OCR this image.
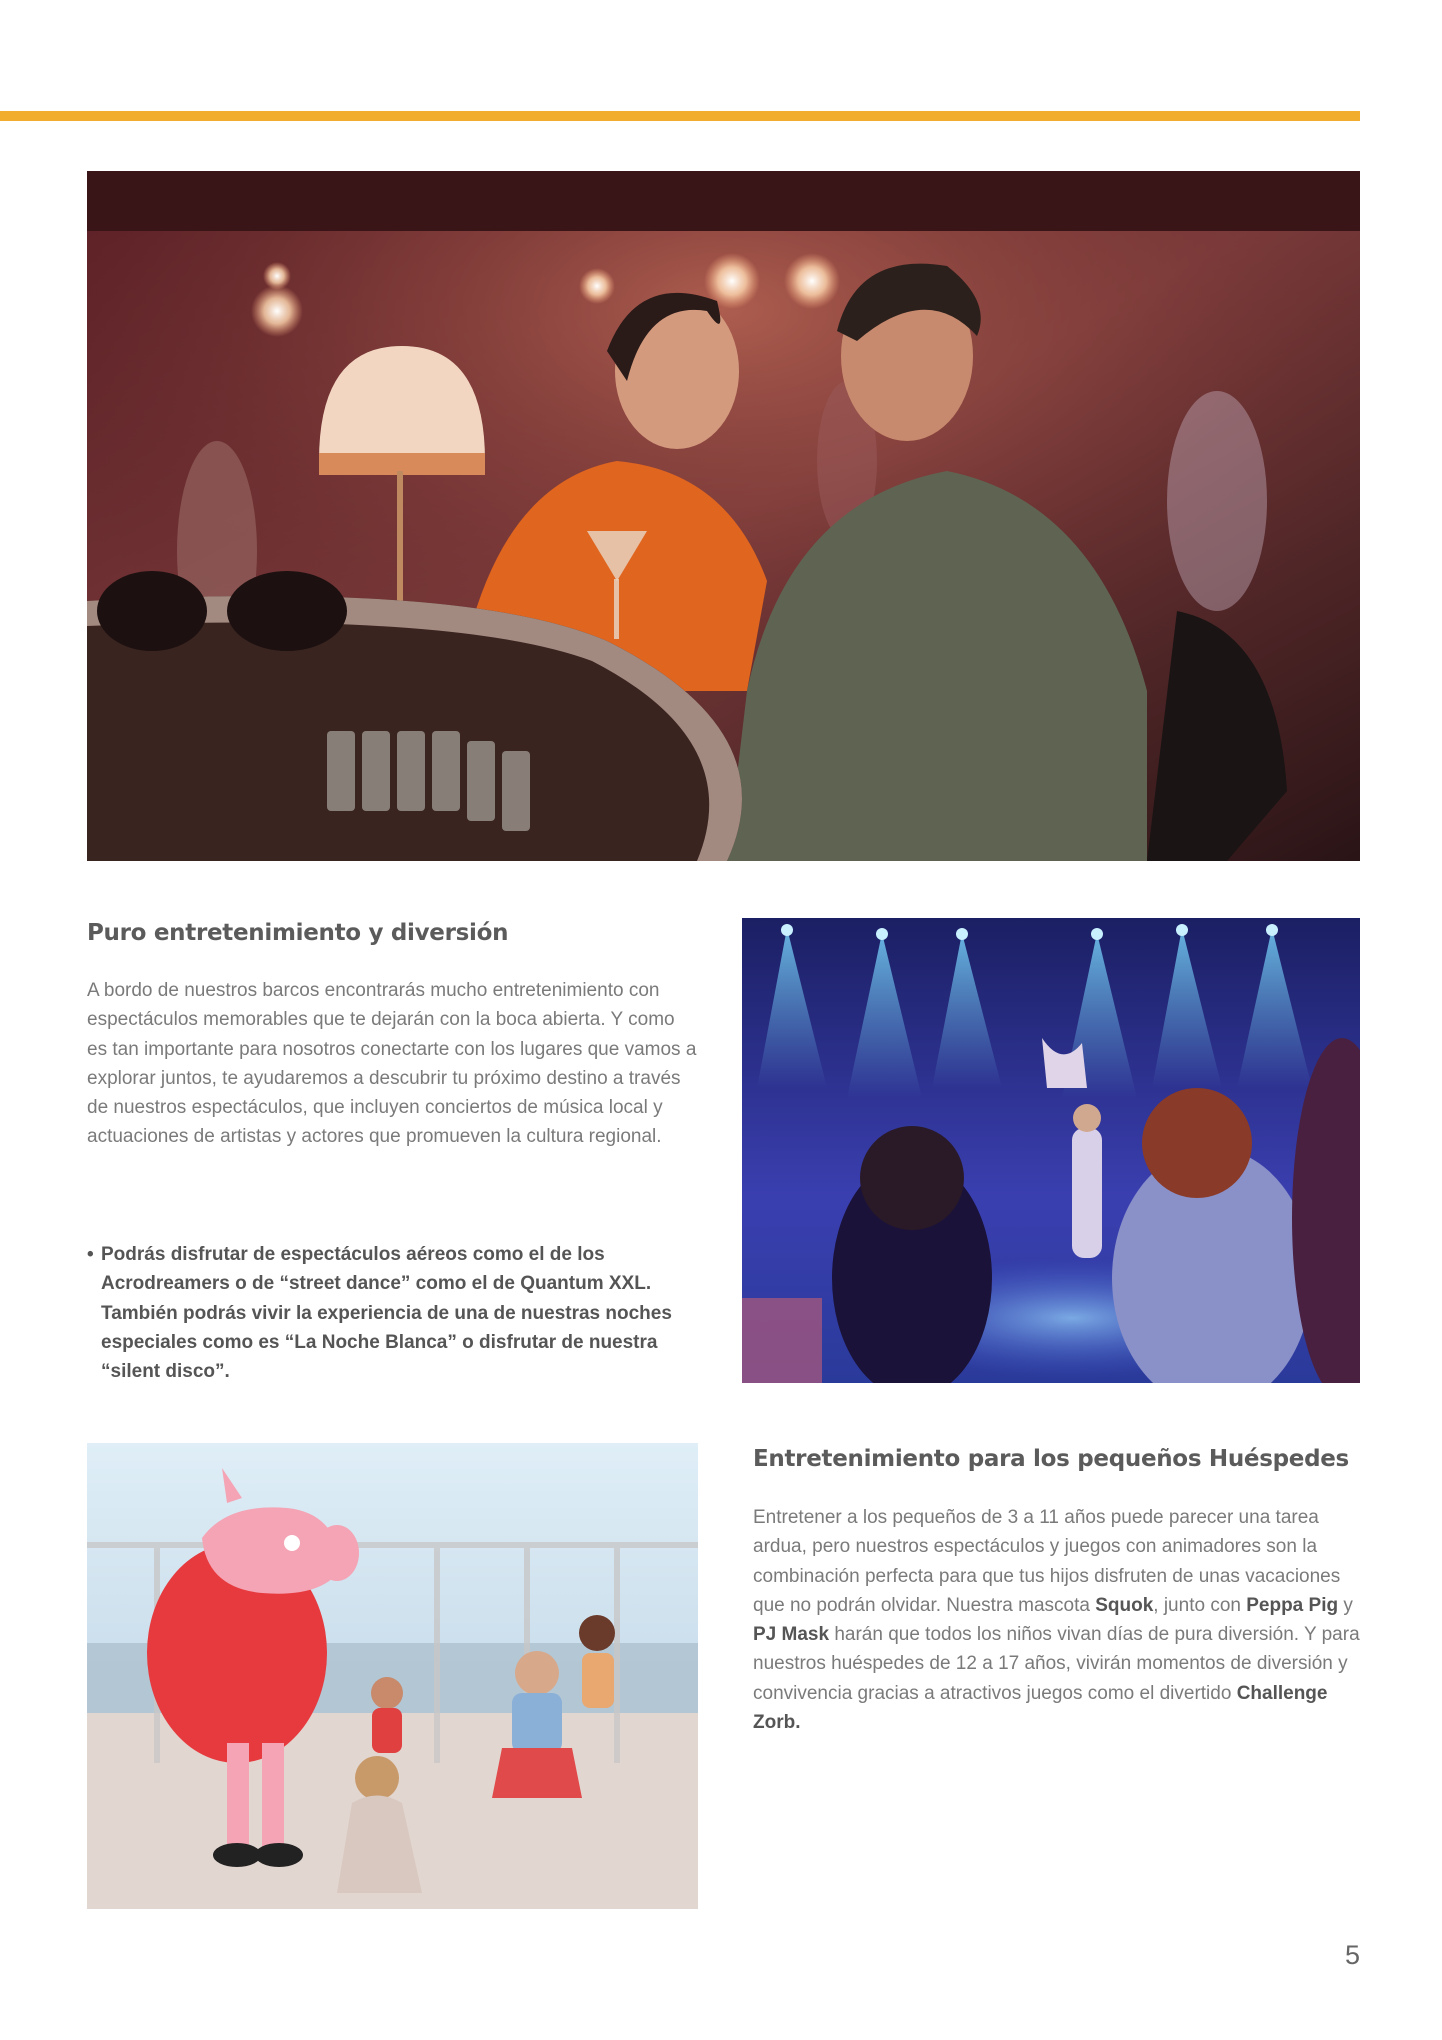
Puro entretenimiento y diversión

A bordo de nuestros barcos encontrarás mucho entretenimiento con espectáculos memorables que te dejarán con la boca abierta. Y como es tan importante para nosotros conectarte con los lugares que vamos a explorar juntos, te ayudaremos a descubrir tu próximo destino a través de nuestros espectáculos, que incluyen conciertos de música local y actuaciones de artistas y actores que promueven la cultura regional.

• Podrás disfrutar de espectáculos aéreos como el de los Acrodreamers o de “street dance” como el de Quantum XXL. También podrás vivir la experiencia de una de nuestras noches especiales como es “La Noche Blanca” o disfrutar de nuestra “silent disco”.

Entretenimiento para los pequeños Huéspedes

Entretener a los pequeños de 3 a 11 años puede parecer una tarea ardua, pero nuestros espectáculos y juegos con animadores son la combinación perfecta para que tus hijos disfruten de unas vacaciones que no podrán olvidar. Nuestra mascota Squok, junto con Peppa Pig y PJ Mask harán que todos los niños vivan días de pura diversión. Y para nuestros huéspedes de 12 a 17 años, vivirán momentos de diversión y convivencia gracias a atractivos juegos como el divertido Challenge Zorb.

5
